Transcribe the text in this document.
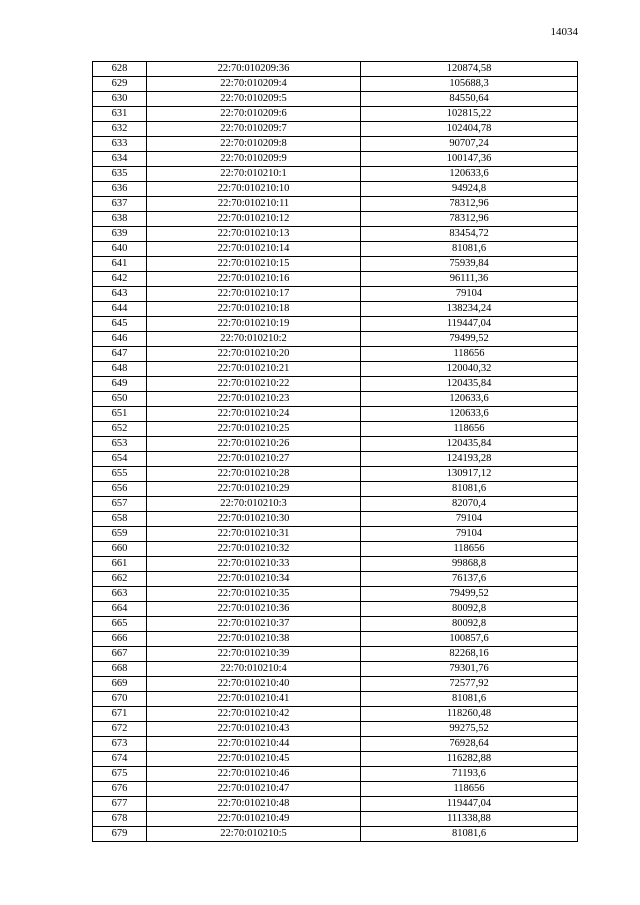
14034
628	22:70:010209:36	120874,58
629	22:70:010209:4	105688,3
630	22:70:010209:5	84550,64
631	22:70:010209:6	102815,22
632	22:70:010209:7	102404,78
633	22:70:010209:8	90707,24
634	22:70:010209:9	100147,36
635	22:70:010210:1	120633,6
636	22:70:010210:10	94924,8
637	22:70:010210:11	78312,96
638	22:70:010210:12	78312,96
639	22:70:010210:13	83454,72
640	22:70:010210:14	81081,6
641	22:70:010210:15	75939,84
642	22:70:010210:16	96111,36
643	22:70:010210:17	79104
644	22:70:010210:18	138234,24
645	22:70:010210:19	119447,04
646	22:70:010210:2	79499,52
647	22:70:010210:20	118656
648	22:70:010210:21	120040,32
649	22:70:010210:22	120435,84
650	22:70:010210:23	120633,6
651	22:70:010210:24	120633,6
652	22:70:010210:25	118656
653	22:70:010210:26	120435,84
654	22:70:010210:27	124193,28
655	22:70:010210:28	130917,12
656	22:70:010210:29	81081,6
657	22:70:010210:3	82070,4
658	22:70:010210:30	79104
659	22:70:010210:31	79104
660	22:70:010210:32	118656
661	22:70:010210:33	99868,8
662	22:70:010210:34	76137,6
663	22:70:010210:35	79499,52
664	22:70:010210:36	80092,8
665	22:70:010210:37	80092,8
666	22:70:010210:38	100857,6
667	22:70:010210:39	82268,16
668	22:70:010210:4	79301,76
669	22:70:010210:40	72577,92
670	22:70:010210:41	81081,6
671	22:70:010210:42	118260,48
672	22:70:010210:43	99275,52
673	22:70:010210:44	76928,64
674	22:70:010210:45	116282,88
675	22:70:010210:46	71193,6
676	22:70:010210:47	118656
677	22:70:010210:48	119447,04
678	22:70:010210:49	111338,88
679	22:70:010210:5	81081,6
